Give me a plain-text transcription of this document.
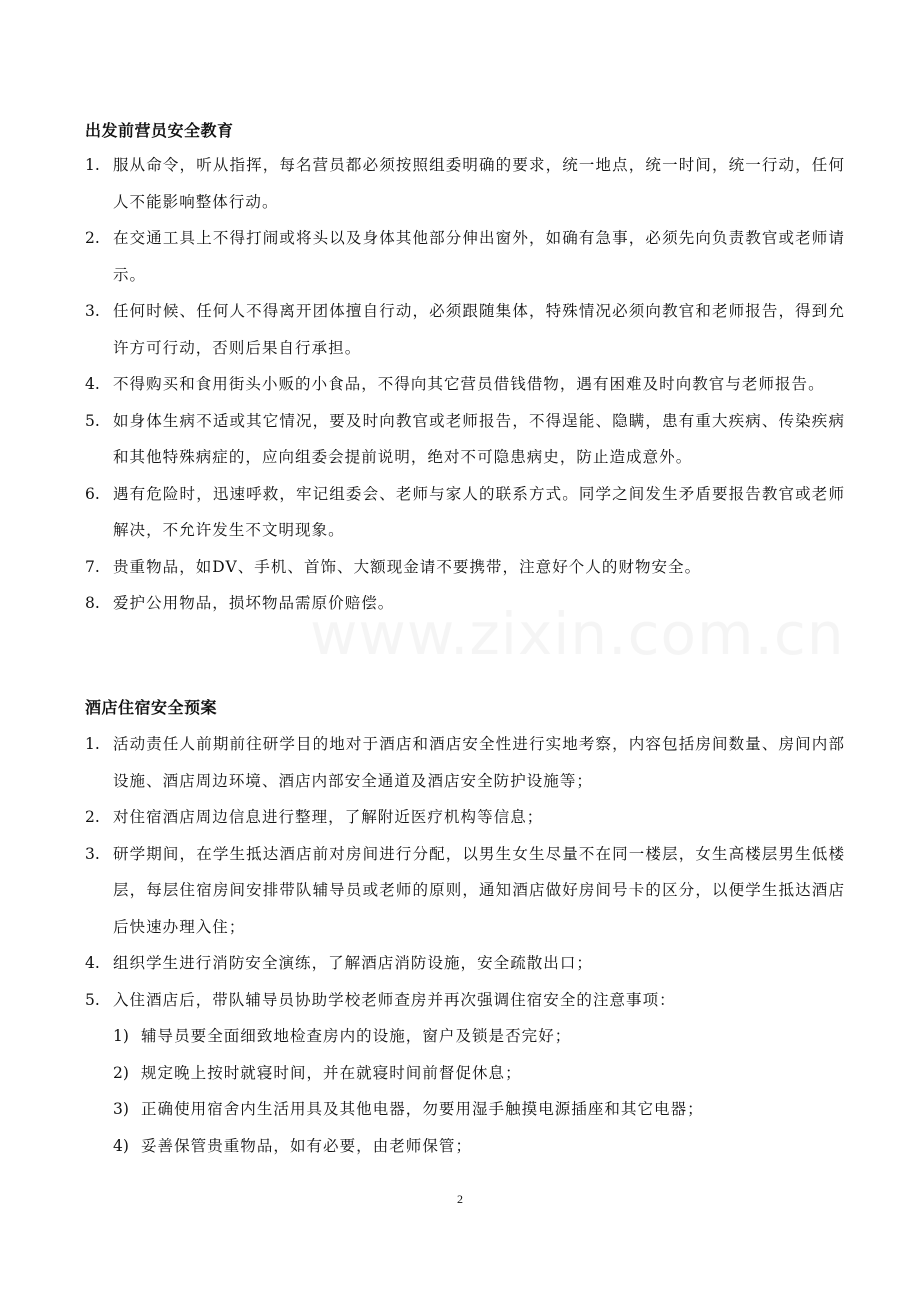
出发前营员安全教育
1. 服从命令，听从指挥，每名营员都必须按照组委明确的要求，统一地点，统一时间，统一行动，任何人不能影响整体行动。
2. 在交通工具上不得打闹或将头以及身体其他部分伸出窗外，如确有急事，必须先向负责教官或老师请示。
3. 任何时候、任何人不得离开团体擅自行动，必须跟随集体，特殊情况必须向教官和老师报告，得到允许方可行动，否则后果自行承担。
4. 不得购买和食用街头小贩的小食品，不得向其它营员借钱借物，遇有困难及时向教官与老师报告。
5. 如身体生病不适或其它情况，要及时向教官或老师报告，不得逞能、隐瞒，患有重大疾病、传染疾病和其他特殊病症的，应向组委会提前说明，绝对不可隐患病史，防止造成意外。
6. 遇有危险时，迅速呼救，牢记组委会、老师与家人的联系方式。同学之间发生矛盾要报告教官或老师解决，不允许发生不文明现象。
7. 贵重物品，如DV、手机、首饰、大额现金请不要携带，注意好个人的财物安全。
8. 爱护公用物品，损坏物品需原价赔偿。
酒店住宿安全预案
1. 活动责任人前期前往研学目的地对于酒店和酒店安全性进行实地考察，内容包括房间数量、房间内部设施、酒店周边环境、酒店内部安全通道及酒店安全防护设施等；
2. 对住宿酒店周边信息进行整理，了解附近医疗机构等信息；
3. 研学期间，在学生抵达酒店前对房间进行分配，以男生女生尽量不在同一楼层，女生高楼层男生低楼层，每层住宿房间安排带队辅导员或老师的原则，通知酒店做好房间号卡的区分，以便学生抵达酒店后快速办理入住；
4. 组织学生进行消防安全演练，了解酒店消防设施，安全疏散出口；
5. 入住酒店后，带队辅导员协助学校老师查房并再次强调住宿安全的注意事项：
1) 辅导员要全面细致地检查房内的设施，窗户及锁是否完好；
2) 规定晚上按时就寝时间，并在就寝时间前督促休息；
3) 正确使用宿舍内生活用具及其他电器，勿要用湿手触摸电源插座和其它电器；
4) 妥善保管贵重物品，如有必要，由老师保管；
www.zixin.com.cn
2
